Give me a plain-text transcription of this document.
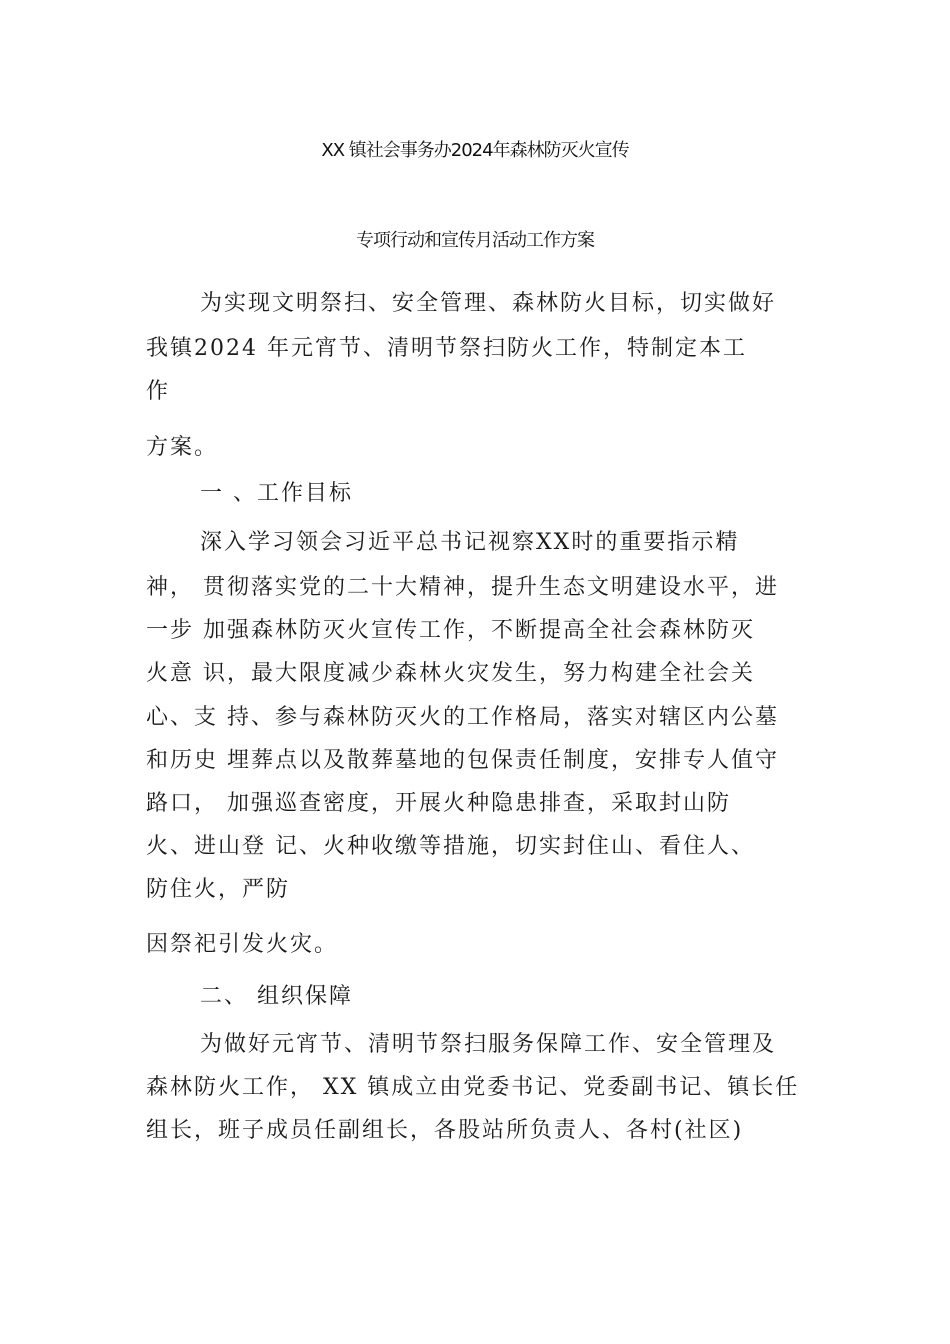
XX 镇社会事务办2024年森林防灭火宣传
专项行动和宣传月活动工作方案
为实现文明祭扫、安全管理、森林防火目标，切实做好
我镇2024 年元宵节、清明节祭扫防火工作，特制定本工
作
方案。
一 、工作目标
深入学习领会习近平总书记视察XX时的重要指示精
神， 贯彻落实党的二十大精神，提升生态文明建设水平，进
一步 加强森林防灭火宣传工作，不断提高全社会森林防灭
火意 识，最大限度减少森林火灾发生，努力构建全社会关
心、支 持、参与森林防灭火的工作格局，落实对辖区内公墓
和历史 埋葬点以及散葬墓地的包保责任制度，安排专人值守
路口， 加强巡查密度，开展火种隐患排查，采取封山防
火、进山登 记、火种收缴等措施，切实封住山、看住人、
防住火，严防
因祭祀引发火灾。
二、 组织保障
为做好元宵节、清明节祭扫服务保障工作、安全管理及
森林防火工作， XX 镇成立由党委书记、党委副书记、镇长任
组长，班子成员任副组长，各股站所负责人、各村(社区)
